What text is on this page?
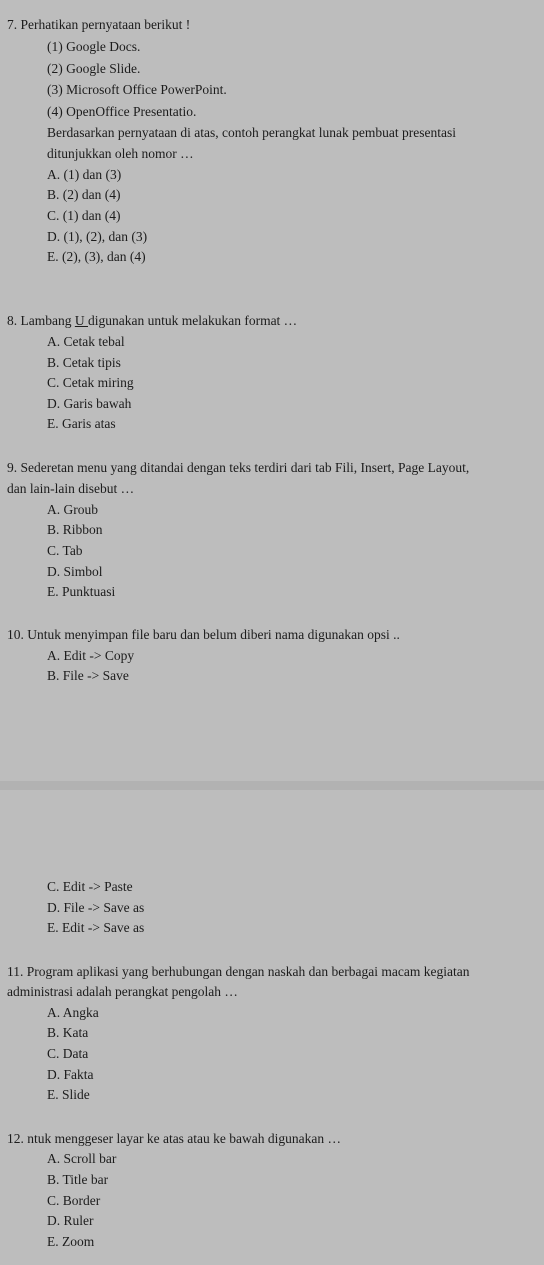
7. Perhatikan pernyataan berikut !
(1) Google Docs.
(2) Google Slide.
(3) Microsoft Office PowerPoint.
(4) OpenOffice Presentatio.
Berdasarkan pernyataan di atas, contoh perangkat lunak pembuat presentasi
ditunjukkan oleh nomor …
A. (1) dan (3)
B. (2) dan (4)
C. (1) dan (4)
D. (1), (2), dan (3)
E. (2), (3), dan (4)
8. Lambang U digunakan untuk melakukan format …
A. Cetak tebal
B. Cetak tipis
C. Cetak miring
D. Garis bawah
E. Garis atas
9. Sederetan menu yang ditandai dengan teks terdiri dari tab Fili, Insert, Page Layout,
dan lain-lain disebut …
A. Groub
B. Ribbon
C. Tab
D. Simbol
E. Punktuasi
10. Untuk menyimpan file baru dan belum diberi nama digunakan opsi ..
A. Edit -> Copy
B. File -> Save
C. Edit -> Paste
D. File -> Save as
E. Edit -> Save as
11. Program aplikasi yang berhubungan dengan naskah dan berbagai macam kegiatan
administrasi adalah perangkat pengolah …
A. Angka
B. Kata
C. Data
D. Fakta
E. Slide
12. ntuk menggeser layar ke atas atau ke bawah digunakan …
A. Scroll bar
B. Title bar
C. Border
D. Ruler
E. Zoom
